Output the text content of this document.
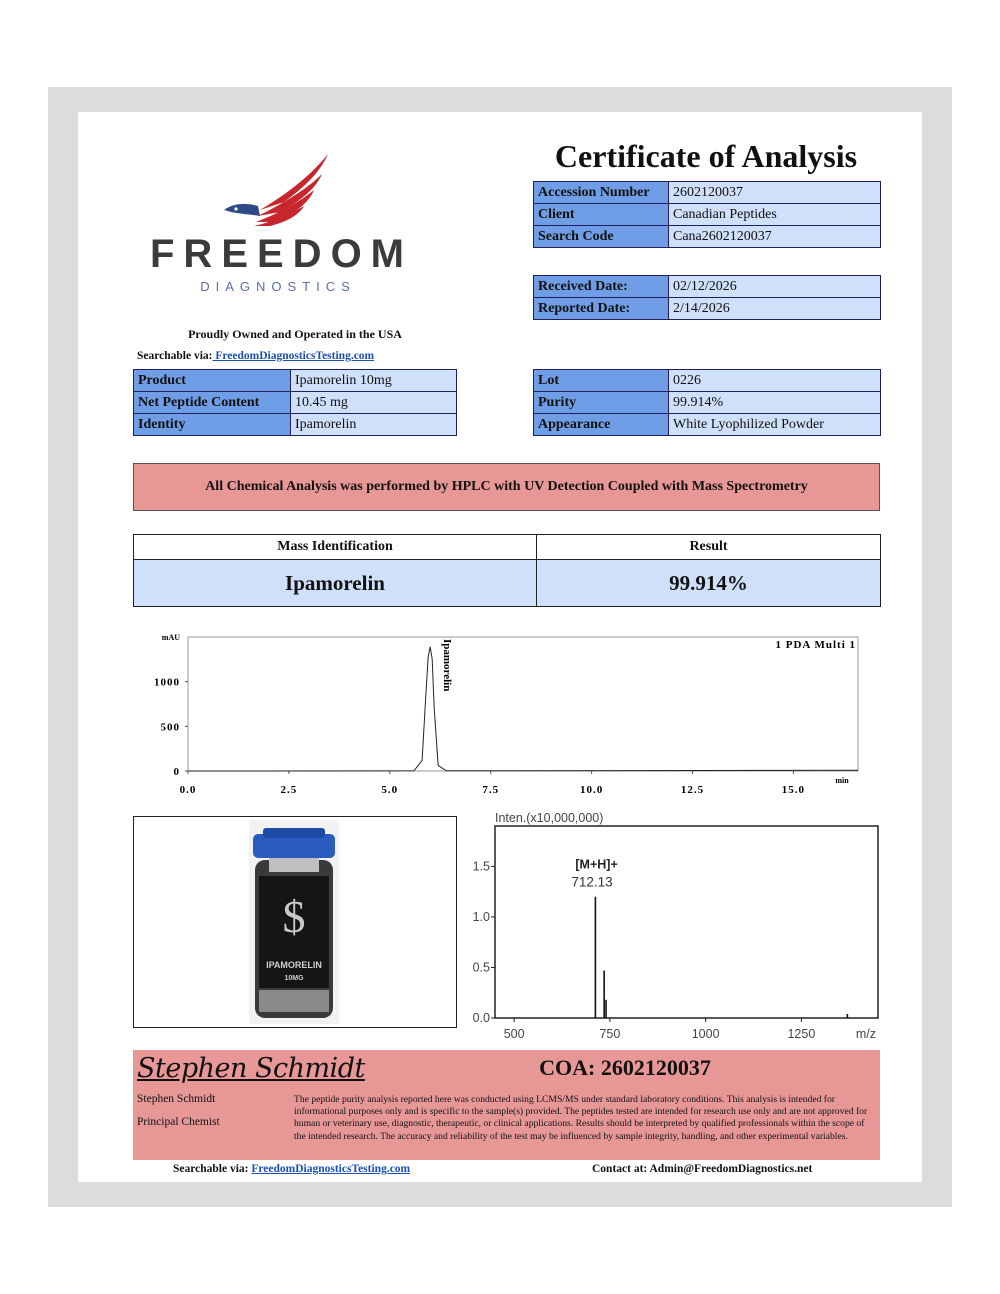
FREEDOM
DIAGNOSTICS
Proudly Owned and Operated in the USA
Searchable via: FreedomDiagnosticsTesting.com
Certificate of Analysis
Accession Number	2602120037
Client	Canadian Peptides
Search Code	Cana2602120037
Received Date:	02/12/2026
Reported Date:	2/14/2026
Product	Ipamorelin 10mg
Net Peptide Content	10.45 mg
Identity	Ipamorelin
Lot	0226
Purity	99.914%
Appearance	White Lyophilized Powder
All Chemical Analysis was performed by HPLC with UV Detection Coupled with Mass Spectrometry
Mass Identification	Result
Ipamorelin	99.914%
0.0	2.5	5.0	7.5	10.0	12.5	15.0
0
500
1000
mAU
min
1 PDA Multi 1
Ipamorelin
$
IPAMORELIN
10MG
Inten.(x10,000,000)
0.0
0.5
1.0
1.5
500	750	1000	1250	m/z
[M+H]+
712.13
Stephen Schmidt
Stephen Schmidt
Principal Chemist
COA: 2602120037
The peptide purity analysis reported here was conducted using LCMS/MS under standard laboratory conditions. This analysis is intended for informational purposes only and is specific to the sample(s) provided. The peptides tested are intended for research use only and are not approved for human or veterinary use, diagnostic, therapeutic, or clinical applications. Results should be interpreted by qualified professionals within the scope of the intended research. The accuracy and reliability of the test may be influenced by sample integrity, handling, and other experimental variables.
Searchable via: FreedomDiagnosticsTesting.com	Contact at: Admin@FreedomDiagnostics.net
